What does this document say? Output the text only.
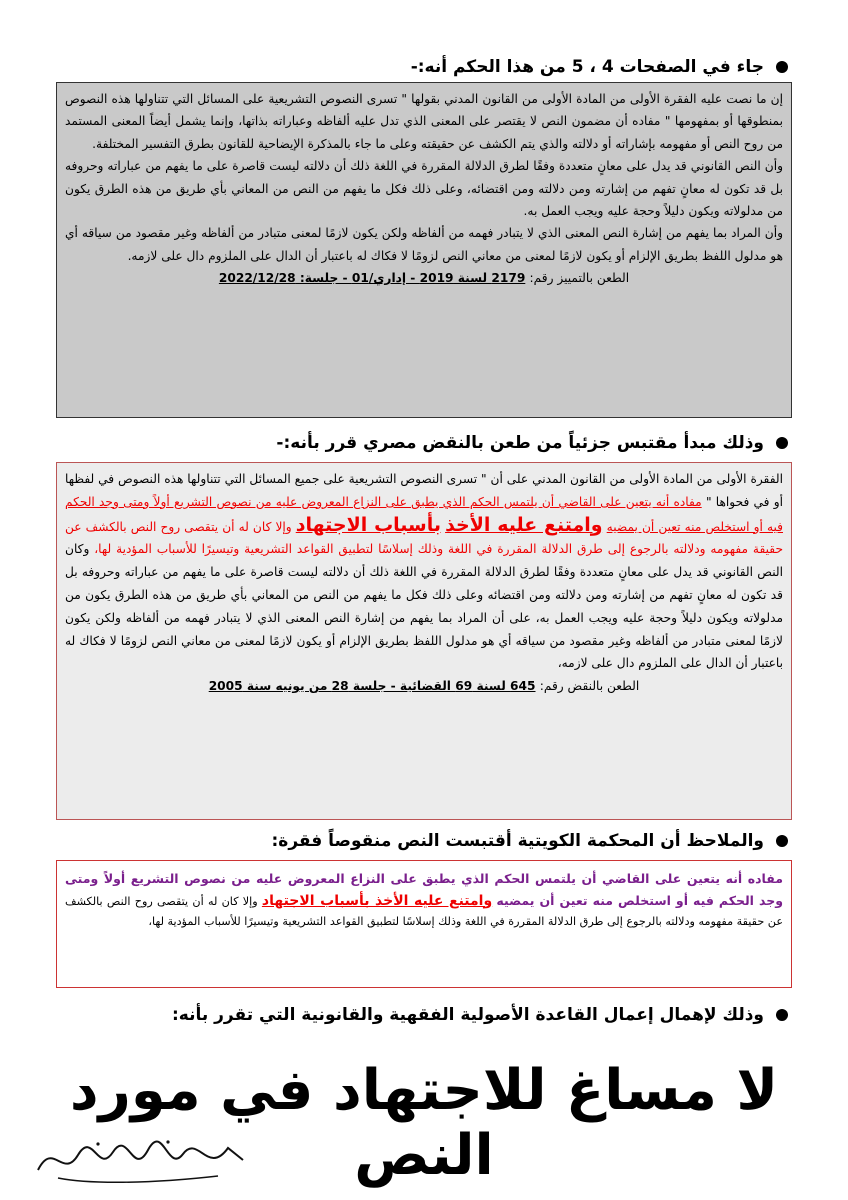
جاء في الصفحات 4 ، 5 من هذا الحكم أنه:-

إن ما نصت عليه الفقرة الأولى من المادة الأولى من القانون المدني بقولها " تسرى النصوص التشريعية على المسائل التي تتناولها هذه النصوص بمنطوقها أو بمفهومها " مفاده أن مضمون النص لا يقتصر على المعنى الذي تدل عليه ألفاظه وعباراته بذاتها، وإنما يشمل أيضاً المعنى المستمد من روح النص أو مفهومه بإشاراته أو دلالته والذي يتم الكشف عن حقيقته وعلى ما جاء بالمذكرة الإيضاحية للقانون بطرق التفسير المختلفة.

وأن النص القانوني قد يدل على معانٍ متعددة وفقًا لطرق الدلالة المقررة في اللغة ذلك أن دلالته ليست قاصرة على ما يفهم من عباراته وحروفه بل قد تكون له معانٍ تفهم من إشارته ومن دلالته ومن اقتضائه، وعلى ذلك فكل ما يفهم من النص من المعاني بأي طريق من هذه الطرق يكون من مدلولاته ويكون دليلاً وحجة عليه ويجب العمل به.

وأن المراد بما يفهم من إشارة النص المعنى الذي لا يتبادر فهمه من ألفاظه ولكن يكون لازمًا لمعنى متبادر من ألفاظه وغير مقصود من سياقه أي هو مدلول اللفظ بطريق الإلزام أو يكون لازمًا لمعنى من معاني النص لزومًا لا فكاك له باعتبار أن الدال على الملزوم دال على لازمه.

الطعن بالتمييز رقم: 2179 لسنة 2019 - إداري/01 - جلسة: 2022/12/28

وذلك مبدأ مقتبس جزئياً من طعن بالنقض مصري قرر بأنه:-

الفقرة الأولى من المادة الأولى من القانون المدني على أن " تسرى النصوص التشريعية على جميع المسائل التي تتناولها هذه النصوص في لفظها أو في فحواها " مفاده أنه يتعين على القاضي أن يلتمس الحكم الذي يطبق على النزاع المعروض عليه من نصوص التشريع أولاً ومتى وجد الحكم فيه أو استخلص منه تعين أن يمضيه وامتنع عليه الأخذ بأسباب الاجتهاد وإلا كان له أن يتقصى روح النص بالكشف عن حقيقة مفهومه ودلالته بالرجوع إلى طرق الدلالة المقررة في اللغة وذلك إسلاسًا لتطبيق القواعد التشريعية وتيسيرًا للأسباب المؤدية لها، وكان النص القانوني قد يدل على معانٍ متعددة وفقًا لطرق الدلالة المقررة في اللغة ذلك أن دلالته ليست قاصرة على ما يفهم من عباراته وحروفه بل قد تكون له معانٍ تفهم من إشارته ومن دلالته ومن اقتضائه وعلى ذلك فكل ما يفهم من النص من المعاني بأي طريق من هذه الطرق يكون من مدلولاته ويكون دليلاً وحجة عليه ويجب العمل به، على أن المراد بما يفهم من إشارة النص المعنى الذي لا يتبادر فهمه من ألفاظه ولكن يكون لازمًا لمعنى متبادر من ألفاظه وغير مقصود من سياقه أي هو مدلول اللفظ بطريق الإلزام أو يكون لازمًا لمعنى من معاني النص لزومًا لا فكاك له باعتبار أن الدال على الملزوم دال على لازمه،

الطعن بالنقض رقم: 645 لسنة 69 القضائية - جلسة 28 من يونيه سنة 2005

والملاحظ أن المحكمة الكويتية أقتبست النص منقوصاً فقرة:

مفاده أنه يتعين على القاضي أن يلتمس الحكم الذي يطبق على النزاع المعروض عليه من نصوص التشريع أولاً ومتى وجد الحكم فيه أو استخلص منه تعين أن يمضيه وامتنع عليه الأخذ بأسباب الاجتهاد وإلا كان له أن يتقصى روح النص بالكشف عن حقيقة مفهومه ودلالته بالرجوع إلى طرق الدلالة المقررة في اللغة وذلك إسلاسًا لتطبيق القواعد التشريعية وتيسيرًا للأسباب المؤدية لها،

وذلك لإهمال إعمال القاعدة الأصولية الفقهية والقانونية التي تقرر بأنه:
لا مساغ للاجتهاد في مورد النص
